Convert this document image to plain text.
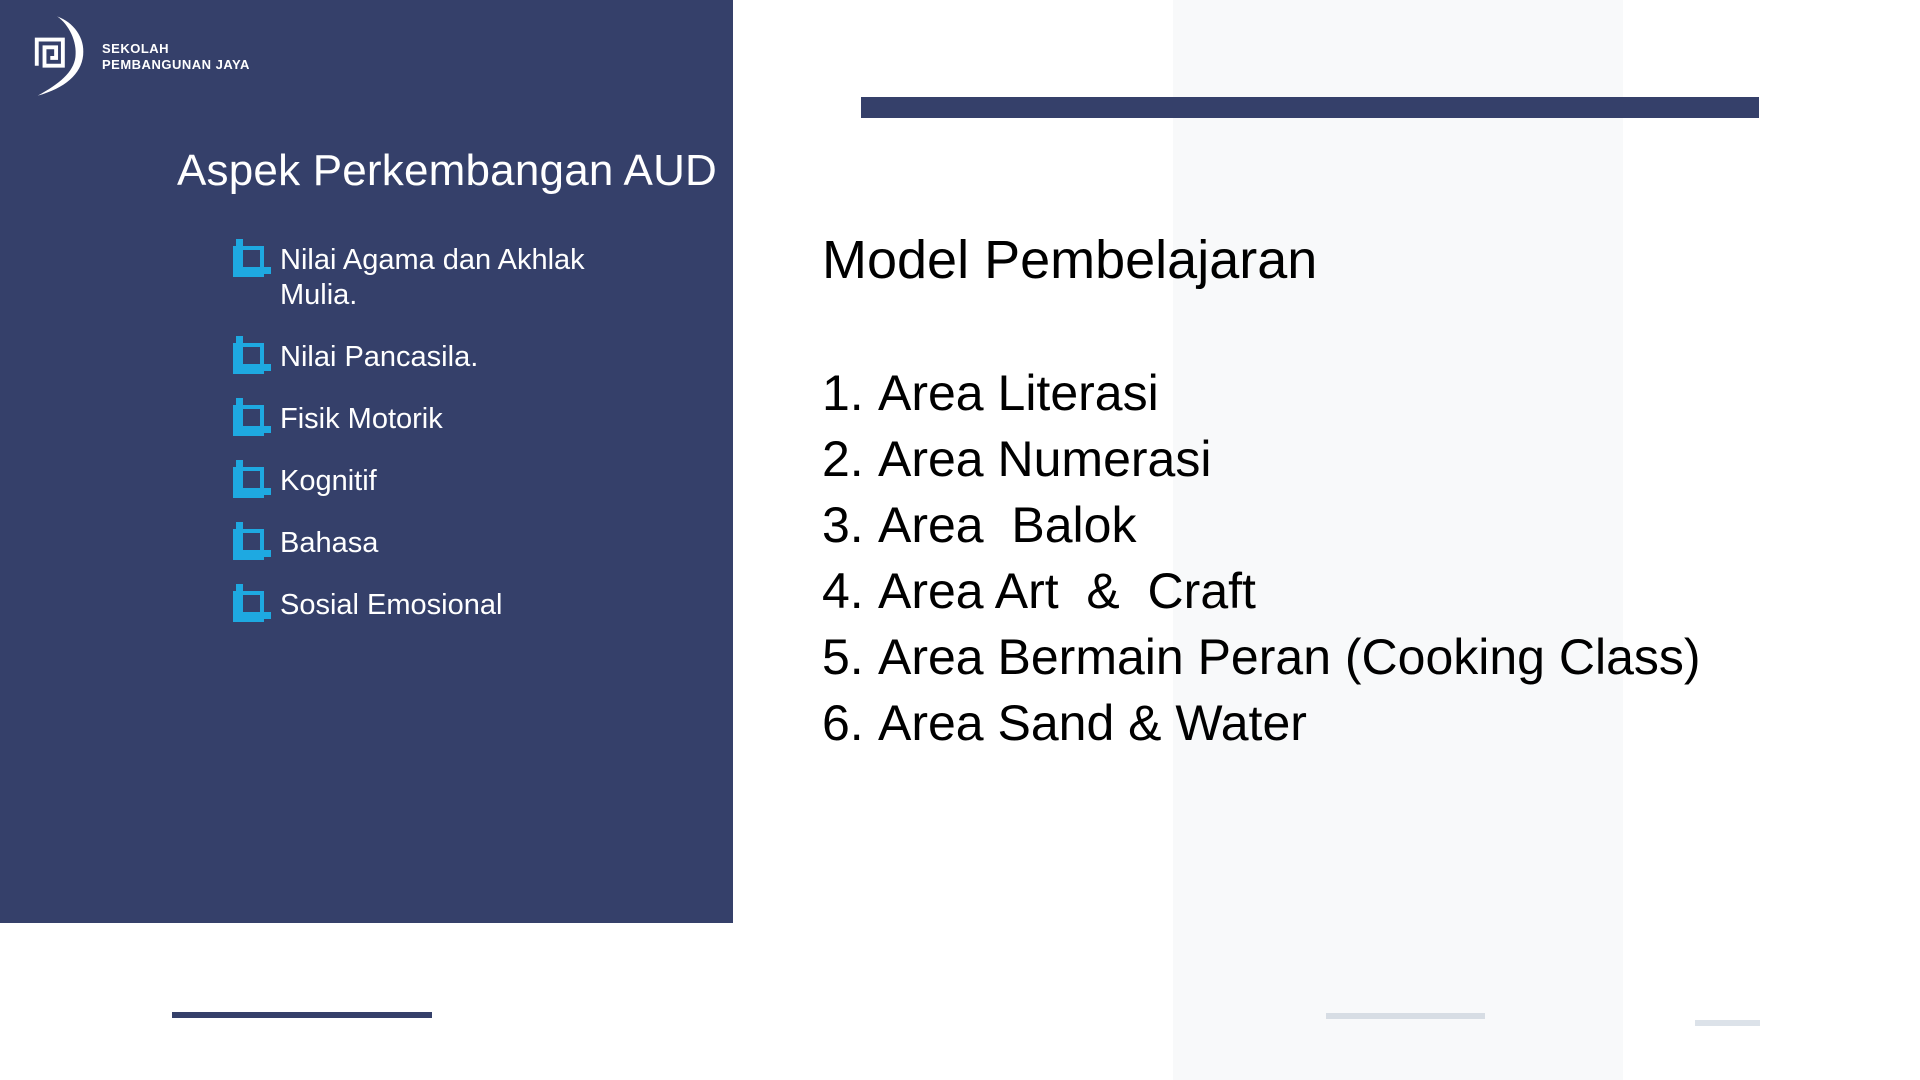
SEKOLAH
PEMBANGUNAN JAYA
Aspek Perkembangan AUD
Nilai Agama dan Akhlak Mulia.
Nilai Pancasila.
Fisik Motorik
Kognitif
Bahasa
Sosial Emosional
Model Pembelajaran
1. Area Literasi
2. Area Numerasi
3. Area  Balok
4. Area Art  &  Craft
5. Area Bermain Peran (Cooking Class)
6. Area Sand & Water
